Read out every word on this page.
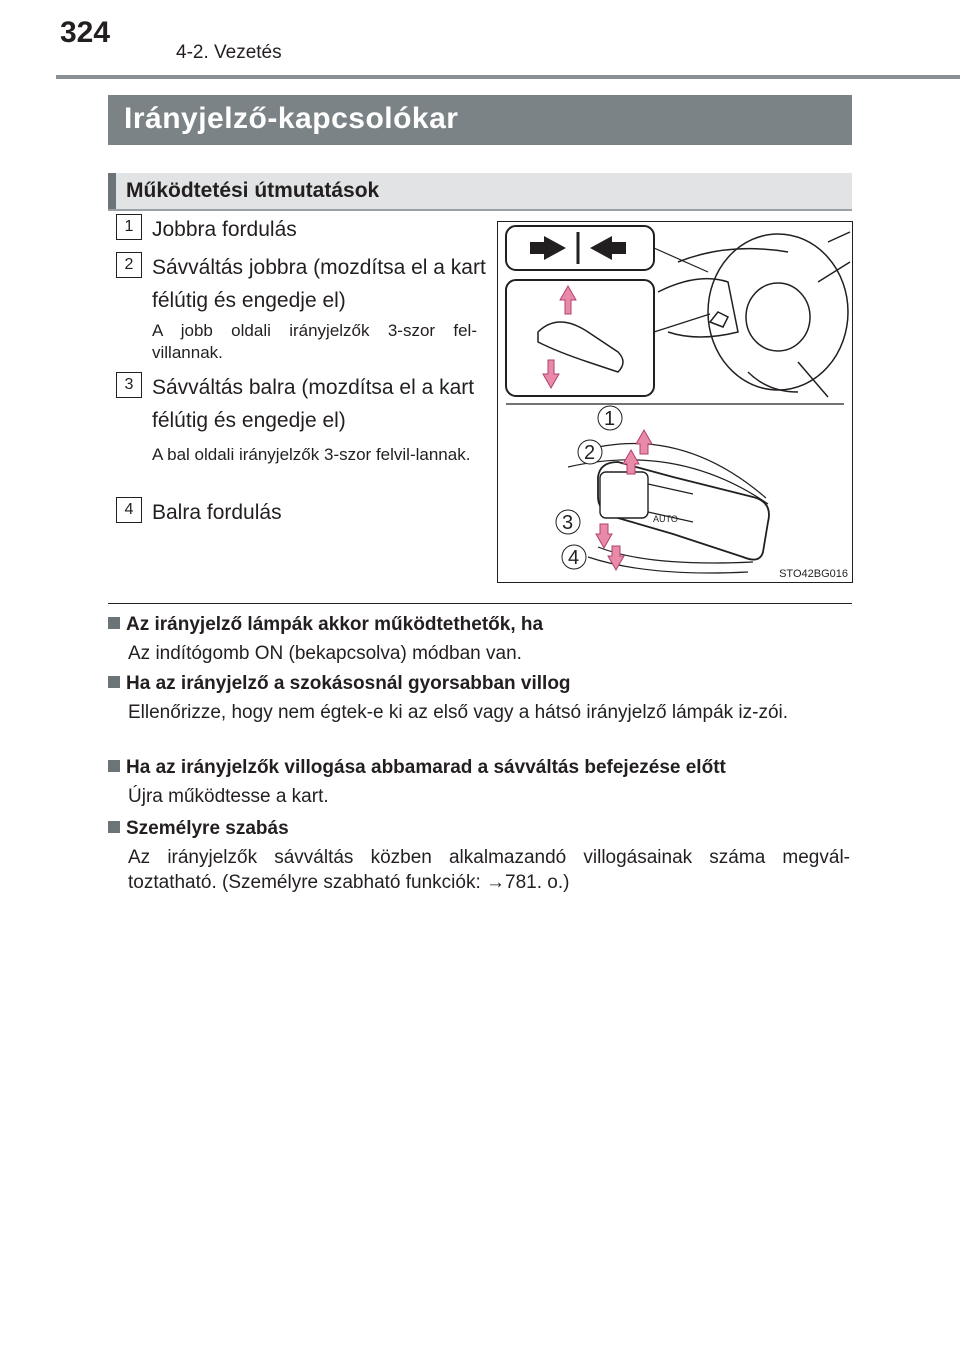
324
4-2. Vezetés
Irányjelző-kapcsolókar
Működtetési útmutatások
1 Jobbra fordulás
2 Sávváltás jobbra (mozdítsa el a kart félútig és engedje el)
A jobb oldali irányjelzők 3-szor fel-villannak.
3 Sávváltás balra (mozdítsa el a kart félútig és engedje el)
A bal oldali irányjelzők 3-szor felvil-lannak.
4 Balra fordulás	AUTO
1
2
3
4
STO42BG016
Az irányjelző lámpák akkor működtethetők, ha
Az indítógomb ON (bekapcsolva) módban van.
Ha az irányjelző a szokásosnál gyorsabban villog
Ellenőrizze, hogy nem égtek-e ki az első vagy a hátsó irányjelző lámpák iz-zói.
Ha az irányjelzők villogása abbamarad a sávváltás befejezése előtt
Újra működtesse a kart.
Személyre szabás
Az irányjelzők sávváltás közben alkalmazandó villogásainak száma megvál-toztatható. (Személyre szabható funkciók: →781. o.)
